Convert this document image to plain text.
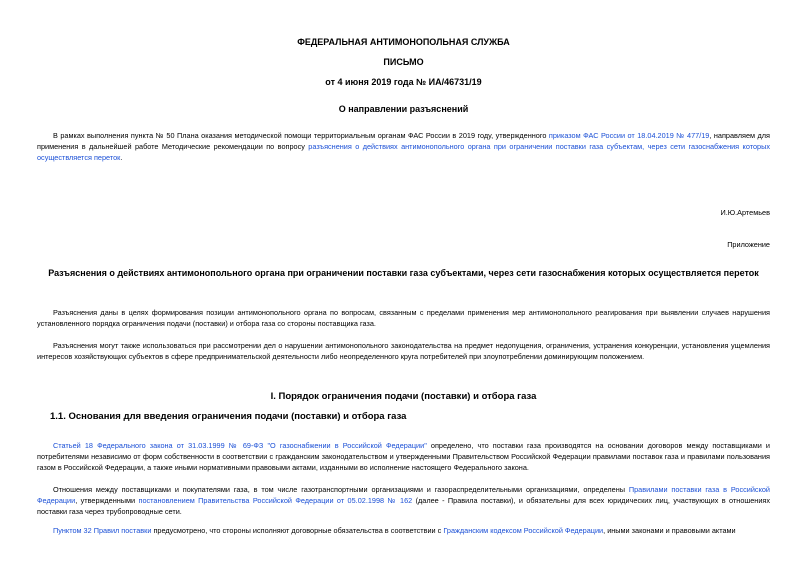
ФЕДЕРАЛЬНАЯ АНТИМОНОПОЛЬНАЯ СЛУЖБА
ПИСЬМО
от 4 июня 2019 года № ИА/46731/19
О направлении разъяснений
В рамках выполнения пункта № 50 Плана оказания методической помощи территориальным органам ФАС России в 2019 году, утвержденного приказом ФАС России от 18.04.2019 № 477/19, направляем для применения в дальнейшей работе Методические рекомендации по вопросу разъяснения о действиях антимонопольного органа при ограничении поставки газа субъектам, через сети газоснабжения которых осуществляется переток.
И.Ю.Артемьев
Приложение
Разъяснения о действиях антимонопольного органа при ограничении поставки газа субъектами, через сети газоснабжения которых осуществляется переток
Разъяснения даны в целях формирования позиции антимонопольного органа по вопросам, связанным с пределами применения мер антимонопольного реагирования при выявлении случаев нарушения установленного порядка ограничения подачи (поставки) и отбора газа со стороны поставщика газа.
Разъяснения могут также использоваться при рассмотрении дел о нарушении антимонопольного законодательства на предмет недопущения, ограничения, устранения конкуренции, установления ущемления интересов хозяйствующих субъектов в сфере предпринимательской деятельности либо неопределенного круга потребителей при злоупотреблении доминирующим положением.
I. Порядок ограничения подачи (поставки) и отбора газа
1.1. Основания для введения ограничения подачи (поставки) и отбора газа
Статьей 18 Федерального закона от 31.03.1999 № 69-ФЗ "О газоснабжении в Российской Федерации" определено, что поставки газа производятся на основании договоров между поставщиками и потребителями независимо от форм собственности в соответствии с гражданским законодательством и утвержденными Правительством Российской Федерации правилами поставок газа и правилами пользования газом в Российской Федерации, а также иными нормативными правовыми актами, изданными во исполнение настоящего Федерального закона.
Отношения между поставщиками и покупателями газа, в том числе газотранспортными организациями и газораспределительными организациями, определены Правилами поставки газа в Российской Федерации, утвержденными постановлением Правительства Российской Федерации от 05.02.1998 № 162 (далее - Правила поставки), и обязательны для всех юридических лиц, участвующих в отношениях поставки газа через трубопроводные сети.
Пунктом 32 Правил поставки предусмотрено, что стороны исполняют договорные обязательства в соответствии с Гражданским кодексом Российской Федерации, иными законами и правовыми актами
